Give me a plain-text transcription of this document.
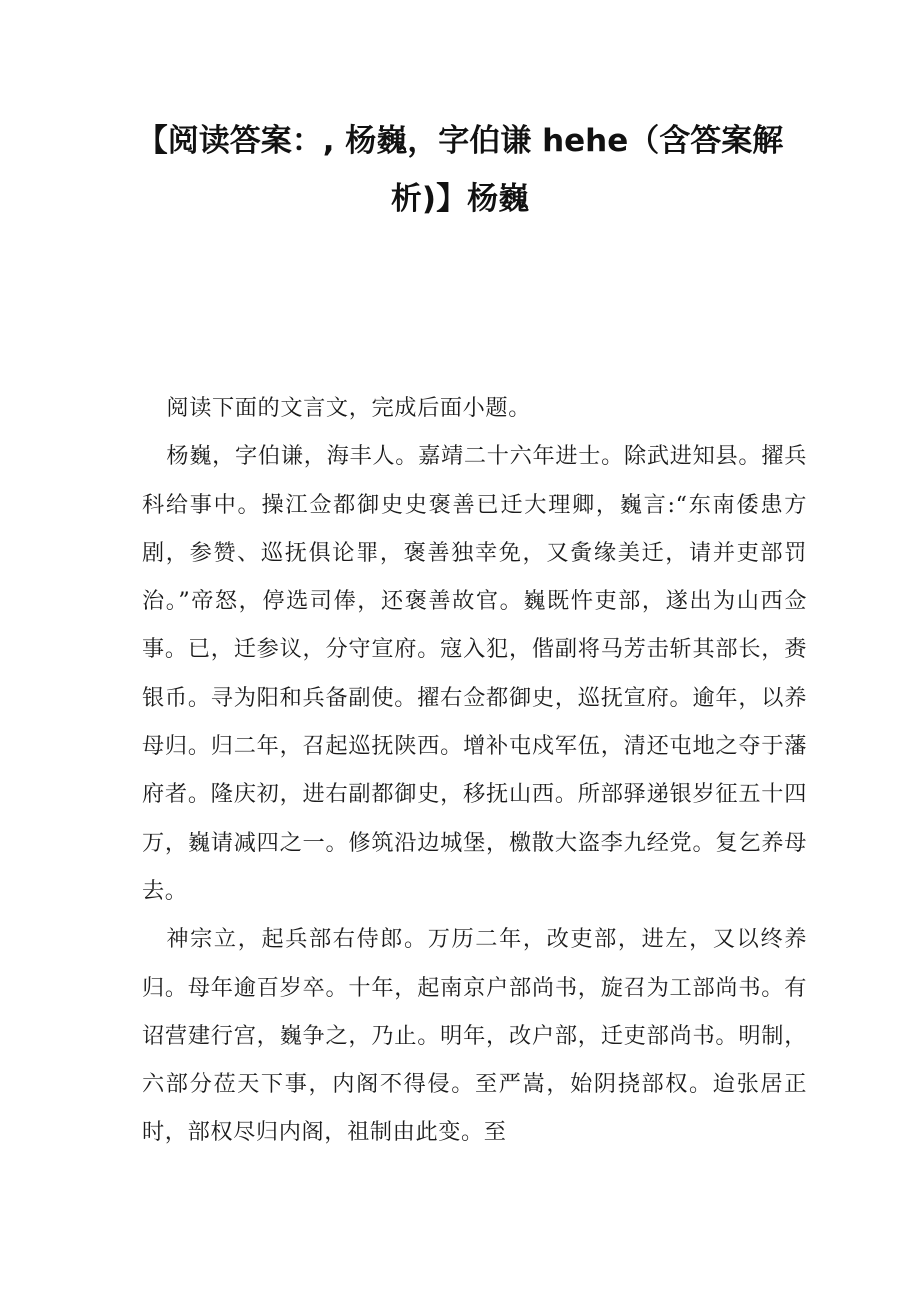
【阅读答案：, 杨巍，字伯谦 hehe（含答案解析)】杨巍

阅读下面的文言文，完成后面小题。

杨巍，字伯谦，海丰人。嘉靖二十六年进士。除武进知县。擢兵科给事中。操江佥都御史史褒善已迁大理卿，巍言:“东南倭患方剧，参赞、巡抚俱论罪，褒善独幸免，又夤缘美迁，请并吏部罚治。”帝怒，停选司俸，还褒善故官。巍既忤吏部，遂出为山西佥事。已，迁参议，分守宣府。寇入犯，偕副将马芳击斩其部长，赉银币。寻为阳和兵备副使。擢右佥都御史，巡抚宣府。逾年，以养母归。归二年，召起巡抚陕西。增补屯戍军伍，清还屯地之夺于藩府者。隆庆初，进右副都御史，移抚山西。所部驿递银岁征五十四万，巍请减四之一。修筑沿边城堡，檄散大盗李九经党。复乞养母去。

神宗立，起兵部右侍郎。万历二年，改吏部，进左，又以终养归。母年逾百岁卒。十年，起南京户部尚书，旋召为工部尚书。有诏营建行宫，巍争之，乃止。明年，改户部，迁吏部尚书。明制，六部分莅天下事，内阁不得侵。至严嵩，始阴挠部权。迨张居正时，部权尽归内阁，祖制由此变。至
